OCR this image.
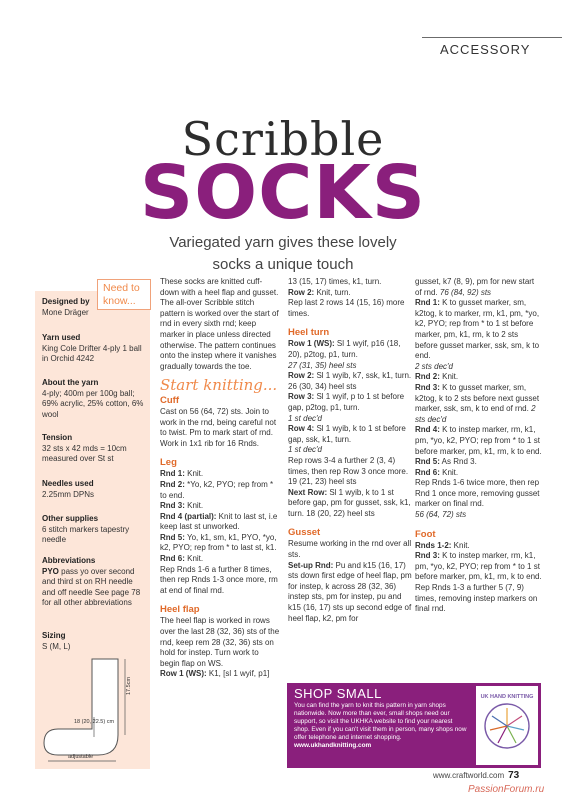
ACCESSORY
Scribble
SOCKS
Variegated yarn gives these lovely socks a unique touch
Need to know...
Designed by
Mone Dräger
Yarn used
King Cole Drifter 4-ply 1 ball in Orchid 4242
About the yarn
4-ply; 400m per 100g ball; 69% acrylic, 25% cotton, 6% wool
Tension
32 sts x 42 mds = 10cm measured over St st
Needles used
2.25mm DPNs
Other supplies
6 stitch markers tapestry needle
Abbreviations
PYO pass yo over second and third st on RH needle and off needle See page 78 for all other abbreviations
Sizing
S (M, L)
18 (20, 22.5) cm
17.5cm
adjustable

These socks are knitted cuff-down with a heel flap and gusset. The all-over Scribble stitch pattern is worked over the start of rnd in every sixth rnd; keep marker in place unless directed otherwise. The pattern continues onto the instep where it vanishes gradually towards the toe.

Start knitting...

Cuff

Cast on 56 (64, 72) sts. Join to work in the rnd, being careful not to twist. Pm to mark start of rnd. Work in 1x1 rib for 16 Rnds.

Leg

Rnd 1: Knit.

Rnd 2: *Yo, k2, PYO; rep from * to end.

Rnd 3: Knit.

Rnd 4 (partial): Knit to last st, i.e keep last st unworked.

Rnd 5: Yo, k1, sm, k1, PYO, *yo, k2, PYO; rep from * to last st, k1.

Rnd 6: Knit.

Rep Rnds 1-6 a further 8 times, then rep Rnds 1-3 once more, rm at end of final rnd.

Heel flap

The heel flap is worked in rows over the last 28 (32, 36) sts of the rnd, keep rem 28 (32, 36) sts on hold for instep. Turn work to begin flap on WS.

Row 1 (WS): K1, [sl 1 wyif, p1]

13 (15, 17) times, k1, turn.

Row 2: Knit, turn.

Rep last 2 rows 14 (15, 16) more times.

Heel turn

Row 1 (WS): Sl 1 wyif, p16 (18, 20), p2tog, p1, turn.
27 (31, 35) heel sts

Row 2: Sl 1 wyib, k7, ssk, k1, turn. 26 (30, 34) heel sts

Row 3: Sl 1 wyif, p to 1 st before gap, p2tog, p1, turn.
1 st dec'd

Row 4: Sl 1 wyib, k to 1 st before gap, ssk, k1, turn.
1 st dec'd

Rep rows 3-4 a further 2 (3, 4) times, then rep Row 3 once more. 19 (21, 23) heel sts

Next Row: Sl 1 wyib, k to 1 st before gap, pm for gusset, ssk, k1, turn. 18 (20, 22) heel sts

Gusset

Resume working in the rnd over all sts.

Set-up Rnd: Pu and k15 (16, 17) sts down first edge of heel flap, pm for instep, k across 28 (32, 36) instep sts, pm for instep, pu and k15 (16, 17) sts up second edge of heel flap, k2, pm for

gusset, k7 (8, 9), pm for new start of rnd. 76 (84, 92) sts

Rnd 1: K to gusset marker, sm, k2tog, k to marker, rm, k1, pm, *yo, k2, PYO; rep from * to 1 st before marker, pm, k1, rm, k to 2 sts before gusset marker, ssk, sm, k to end.
2 sts dec'd

Rnd 2: Knit.

Rnd 3: K to gusset marker, sm, k2tog, k to 2 sts before next gusset marker, ssk, sm, k to end of rnd. 2 sts dec'd

Rnd 4: K to instep marker, rm, k1, pm, *yo, k2, PYO; rep from * to 1 st before marker, pm, k1, rm, k to end.

Rnd 5: As Rnd 3.

Rnd 6: Knit.

Rep Rnds 1-6 twice more, then rep Rnd 1 once more, removing gusset marker on final rnd.
56 (64, 72) sts

Foot

Rnds 1-2: Knit.

Rnd 3: K to instep marker, rm, k1, pm, *yo, k2, PYO; rep from * to 1 st before marker, pm, k1, rm, k to end.

Rep Rnds 1-3 a further 5 (7, 9) times, removing instep markers on final rnd.

SHOP SMALL
You can find the yarn to knit this pattern in yarn shops nationwide. Now more than ever, small shops need our support, so visit the UKHKA website to find your nearest shop. Even if you can't visit them in person, many shops now offer telephone and internet shopping. www.ukhandknitting.com
UK HAND KNITTING
www.craftworld.com 73
PassionForum.ru
